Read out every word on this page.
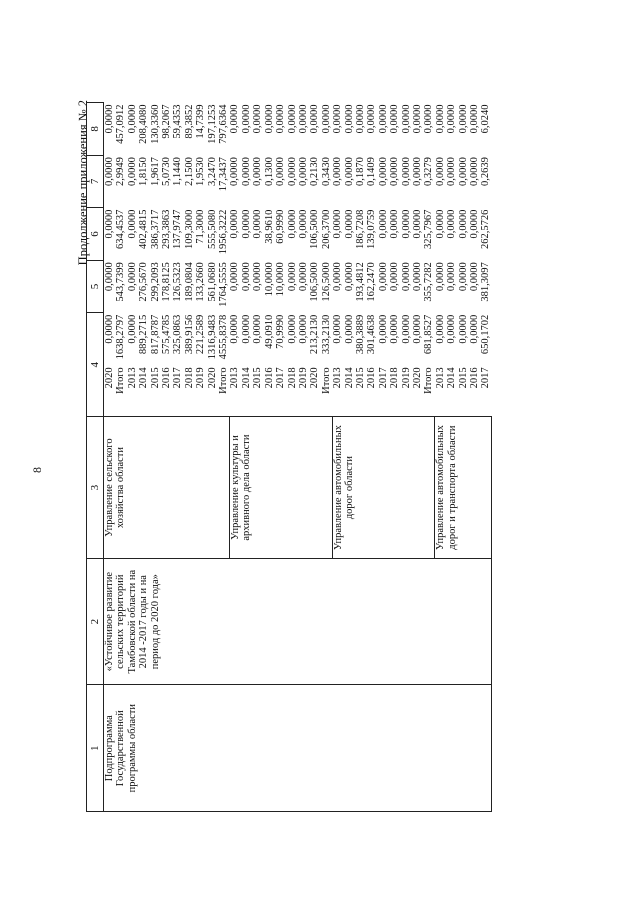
8
Продолжение приложения № 2
1	2	3	4		5	6	7	8
Подпрограмма Государственной программы области	«Устойчивое развитие сельских территорий Тамбовской области на 2014 -2017 годы и на период до 2020 года»	Управление сельского хозяйства области	2020	0,0000	0,0000	0,0000	0,0000	0,0000
			Итого	1638,2797	543,7399	634,4537	2,9949	457,0912
			2013	0,0000	0,0000	0,0000	0,0000	0,0000
			2014	889,2715	276,5670	402,4815	1,8150	208,4080
			2015	817,8787	299,2093	386,3717	1,9617	130,3360
			2016	575,4785	178,8125	293,3863	5,0730	98,2067
			2017	325,0863	126,5323	137,9747	1,1440	59,4353
			2018	389,9156	189,0804	109,3000	2,1500	89,3852
			2019	221,2589	133,2660	71,3000	1,9530	14,7399
			2020	1316,9483	561,0680	555,5080	3,2470	197,1253
			Итого	4555,8378	1764,5555	1956,3222	17,3437	797,6364
		Управление культуры и архивного дела области	2013	0,0000	0,0000	0,0000	0,0000	0,0000
			2014	0,0000	0,0000	0,0000	0,0000	0,0000
			2015	0,0000	0,0000	0,0000	0,0000	0,0000
			2016	49,0910	10,0000	38,9610	0,1300	0,0000
			2017	70,9990	10,0000	60,9990	0,0000	0,0000
			2018	0,0000	0,0000	0,0000	0,0000	0,0000
			2019	0,0000	0,0000	0,0000	0,0000	0,0000
			2020	213,2130	106,5000	106,5000	0,2130	0,0000
			Итого	333,2130	126,5000	206,3700	0,3430	0,0000
		Управление автомобильных дорог области	2013	0,0000	0,0000	0,0000	0,0000	0,0000
			2014	0,0000	0,0000	0,0000	0,0000	0,0000
			2015	380,3889	193,4812	186,7208	0,1870	0,0000
			2016	301,4638	162,2470	139,0759	0,1409	0,0000
			2017	0,0000	0,0000	0,0000	0,0000	0,0000
			2018	0,0000	0,0000	0,0000	0,0000	0,0000
			2019	0,0000	0,0000	0,0000	0,0000	0,0000
			2020	0,0000	0,0000	0,0000	0,0000	0,0000
			Итого	681,8527	355,7282	325,7967	0,3279	0,0000
		Управление автомобильных дорог и транспорта области	2013	0,0000	0,0000	0,0000	0,0000	0,0000
			2014	0,0000	0,0000	0,0000	0,0000	0,0000
			2015	0,0000	0,0000	0,0000	0,0000	0,0000
			2016	0,0000	0,0000	0,0000	0,0000	0,0000
			2017	650,1702	381,3097	262,5726	0,2639	6,0240
